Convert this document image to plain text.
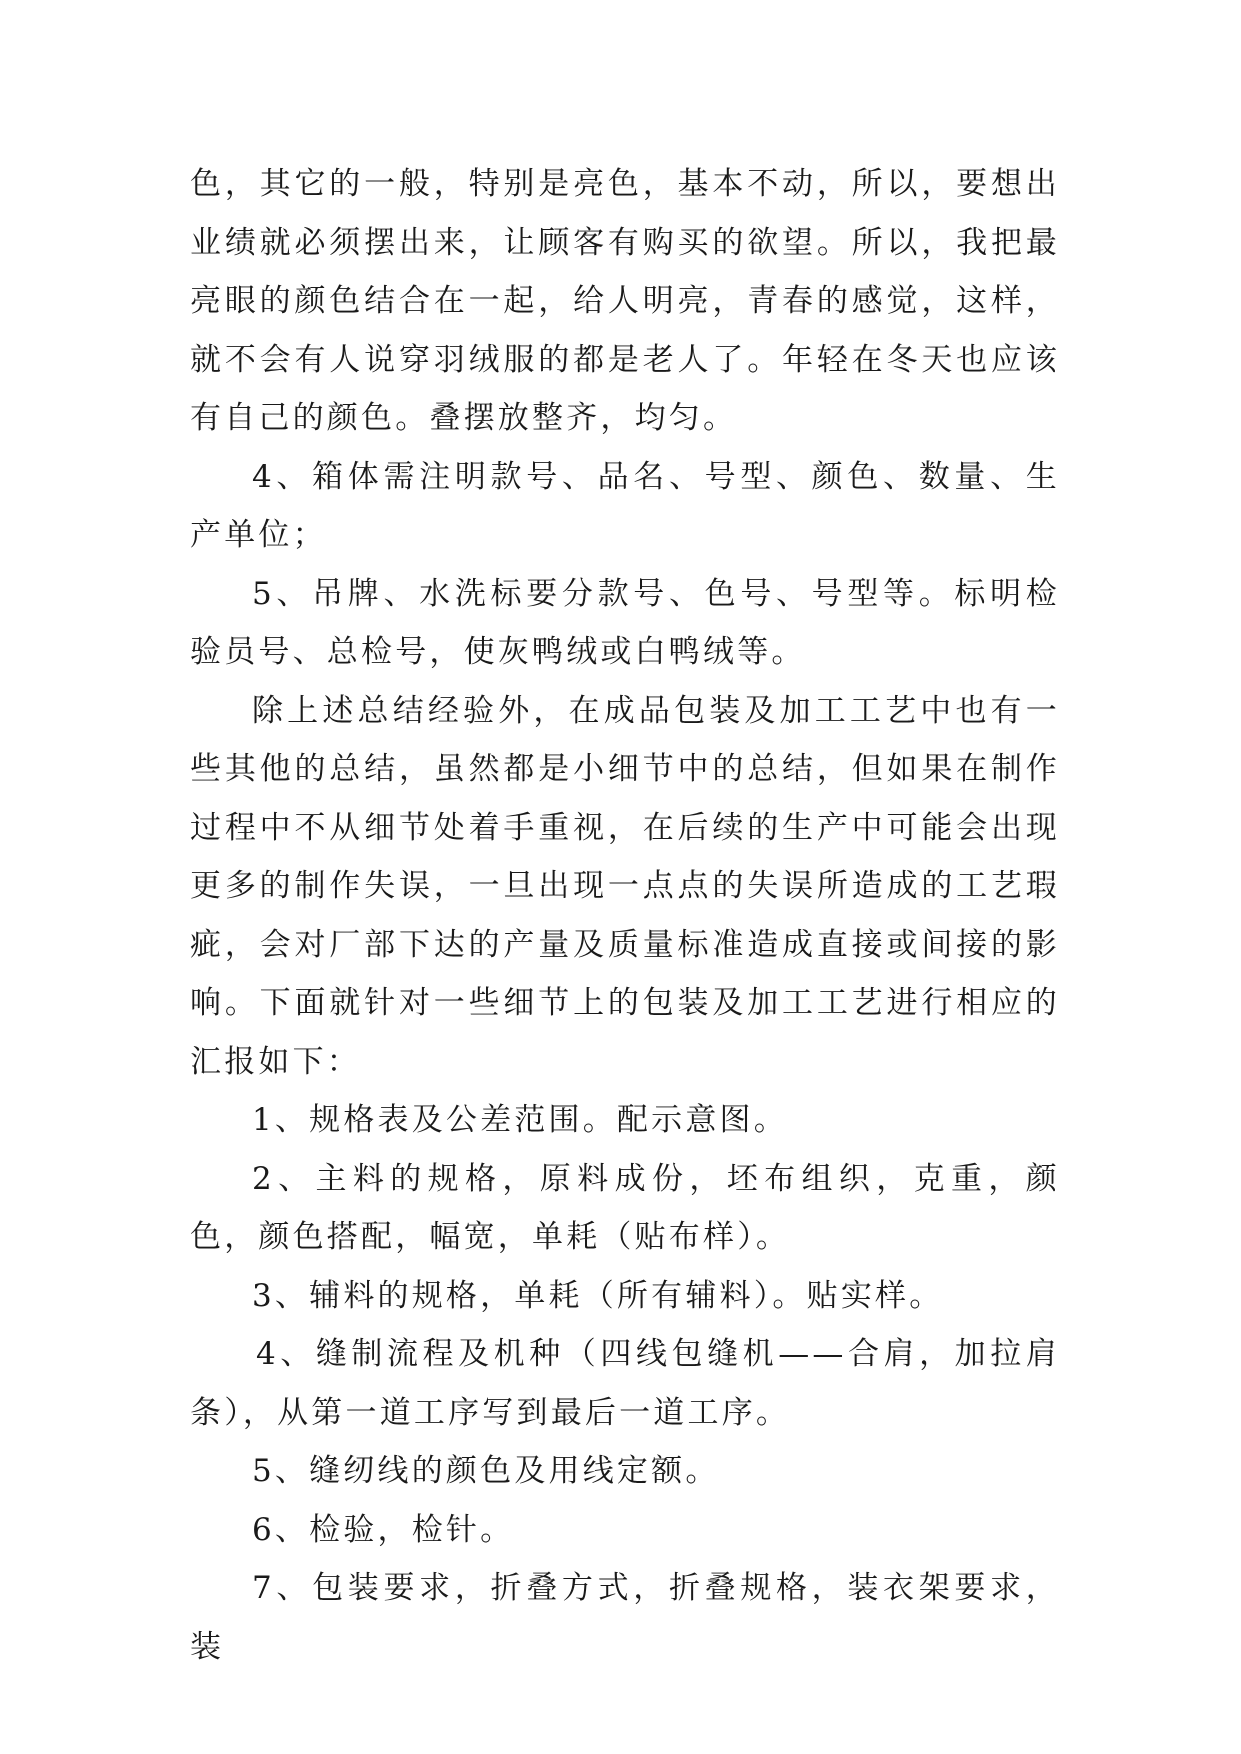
色，其它的一般，特别是亮色，基本不动，所以，要想出业绩就必须摆出来，让顾客有购买的欲望。所以，我把最亮眼的颜色结合在一起，给人明亮，青春的感觉，这样，就不会有人说穿羽绒服的都是老人了。年轻在冬天也应该有自己的颜色。叠摆放整齐，均匀。

4、箱体需注明款号、品名、号型、颜色、数量、生产单位；

5、吊牌、水洗标要分款号、色号、号型等。标明检验员号、总检号，使灰鸭绒或白鸭绒等。

除上述总结经验外，在成品包装及加工工艺中也有一些其他的总结，虽然都是小细节中的总结，但如果在制作过程中不从细节处着手重视，在后续的生产中可能会出现更多的制作失误，一旦出现一点点的失误所造成的工艺瑕疵，会对厂部下达的产量及质量标准造成直接或间接的影响。下面就针对一些细节上的包装及加工工艺进行相应的汇报如下：

1、规格表及公差范围。配示意图。

2、主料的规格，原料成份，坯布组织，克重，颜色，颜色搭配，幅宽，单耗（贴布样）。

3、辅料的规格，单耗（所有辅料）。贴实样。

4、缝制流程及机种（四线包缝机——合肩，加拉肩条），从第一道工序写到最后一道工序。

5、缝纫线的颜色及用线定额。

6、检验，检针。

7、包装要求，折叠方式，折叠规格，装衣架要求，装
